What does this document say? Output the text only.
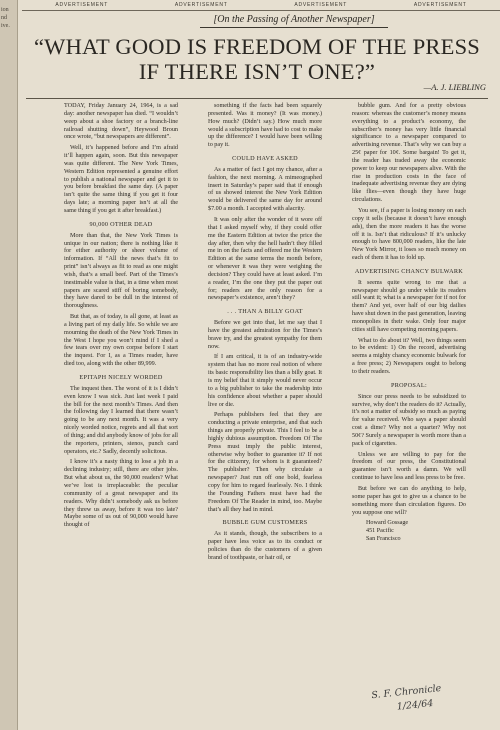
ion
nd
ive.
ADVERTISEMENT	ADVERTISEMENT	ADVERTISEMENT	ADVERTISEMENT
[On the Passing of Another Newspaper]
“WHAT GOOD IS FREEDOM OF THE PRESS IF THERE ISN’T ONE?”
—A. J. LIEBLING

TODAY, Friday January 24, 1964, is a sad day: another newspaper has died. “I wouldn’t weep about a shoe factory or a branch-line railroad shutting down”, Heywood Broun once wrote, “but newspapers are different”.

Well, it’s happened before and I’m afraid it’ll happen again, soon. But this newspaper was quite different. The New York Times, Western Edition represented a genuine effort to publish a national newspaper and get it to you before breakfast the same day. (A paper isn’t quite the same thing if you get it four days late; a morning paper isn’t at all the same thing if you get it after breakfast.)

90,000 OTHER DEAD

More than that, the New York Times is unique in our nation; there is nothing like it for either authority or sheer volume of information. If “All the news that’s fit to print” isn’t always as fit to read as one might wish, that’s a small beef. Part of the Times’s inestimable value is that, in a time when most papers are scared stiff of boring somebody, they have dared to be dull in the interest of thoroughness.

But that, as of today, is all gone, at least as a living part of my daily life. So while we are mourning the death of the New York Times in the West I hope you won’t mind if I shed a few tears over my own corpse before I start the inquest. For I, as a Times reader, have died too, along with the other 89,999.

EPITAPH NICELY WORDED

The inquest then. The worst of it is I didn’t even know I was sick. Just last week I paid the bill for the next month’s Times. And then the following day I learned that there wasn’t going to be any next month. It was a very nicely worded notice, regrets and all that sort of thing; and did anybody know of jobs for all the reporters, printers, stenos, punch card operators, etc.? Sadly, decently solicitous.

I know it’s a nasty thing to lose a job in a declining industry; still, there are other jobs. But what about us, the 90,000 readers? What we’ve lost is irreplaceable: the peculiar community of a great newspaper and its readers. Why didn’t somebody ask us before they threw us away, before it was too late? Maybe some of us out of 90,000 would have thought of

something if the facts had been squarely presented. Was it money? (It was money.) How much? (Didn’t say.) How much more would a subscription have had to cost to make up the difference? I would have been willing to pay it.

COULD HAVE ASKED

As a matter of fact I got my chance, after a fashion, the next morning. A mimeographed insert in Saturday’s paper said that if enough of us showed interest the New York Edition would be delivered the same day for around $7.00 a month. I accepted with alacrity.

It was only after the wonder of it wore off that I asked myself why, if they could offer me the Eastern Edition at twice the price the day after, then why the hell hadn’t they filled me in on the facts and offered me the Western Edition at the same terms the month before, or whenever it was they were weighing the decision? They could have at least asked. I’m a reader, I’m the one they put the paper out for; readers are the only reason for a newspaper’s existence, aren’t they?

. . . THAN A BILLY GOAT

Before we get into that, let me say that I have the greatest admiration for the Times’s brave try, and the greatest sympathy for them now.

If I am critical, it is of an industry-wide system that has no more real notion of where its basic responsibility lies than a billy goat. It is my belief that it simply would never occur to a big publisher to take the readership into his confidence about whether a paper should live or die.

Perhaps publishers feel that they are conducting a private enterprise, and that such things are properly private. This I feel to be a highly dubious assumption. Freedom Of The Press must imply the public interest, otherwise why bother to guarantee it? If not for the citizenry, for whom is it guaranteed? The publisher? Then why circulate a newspaper? Just run off one bold, fearless copy for him to regard fearlessly. No. I think the Founding Fathers must have had the Freedom Of The Reader in mind, too. Maybe that’s all they had in mind.

BUBBLE GUM CUSTOMERS

As it stands, though, the subscribers to a paper have less voice as to its conduct or policies than do the customers of a given brand of toothpaste, or hair oil, or

bubble gum. And for a pretty obvious reason: whereas the customer’s money means everything to a product’s economy, the subscriber’s money has very little financial significance to a newspaper compared to advertising revenue. That’s why we can buy a 25¢ paper for 10¢. Some bargain! To get it, the reader has traded away the economic power to keep our newspapers alive. With the rise in production costs in the face of inadequate advertising revenue they are dying like flies—even though they have huge circulations.

You see, if a paper is losing money on each copy it sells (because it doesn’t have enough ads), then the more readers it has the worse off it is. Isn’t that ridiculous? If it’s unlucky enough to have 800,000 readers, like the late New York Mirror, it loses so much money on each of them it has to fold up.

ADVERTISING CHANCY BULWARK

It seems quite wrong to me that a newspaper should go under while its readers still want it; what is a newspaper for if not for them? And yet, over half of our big dailies have shut down in the past generation, leaving monopolies in their wake. Only four major cities still have competing morning papers.

What to do about it? Well, two things seem to be evident: 1) On the record, advertising seems a mighty chancy economic bulwark for a free press; 2) Newspapers ought to belong to their readers.

PROPOSAL:

Since our press needs to be subsidized to survive, why don’t the readers do it? Actually, it’s not a matter of subsidy so much as paying for value received. Who says a paper should cost a dime? Why not a quarter? Why not 50¢? Surely a newspaper is worth more than a pack of cigarettes.

Unless we are willing to pay for the freedom of our press, the Constitutional guarantee isn’t worth a damn. We will continue to have less and less press to be free.

But before we can do anything to help, some paper has got to give us a chance to be something more than circulation figures. Do you suppose one will?

Howard Gossage

451 Pacific

San Francisco

S. F. Chronicle
1/24/64
